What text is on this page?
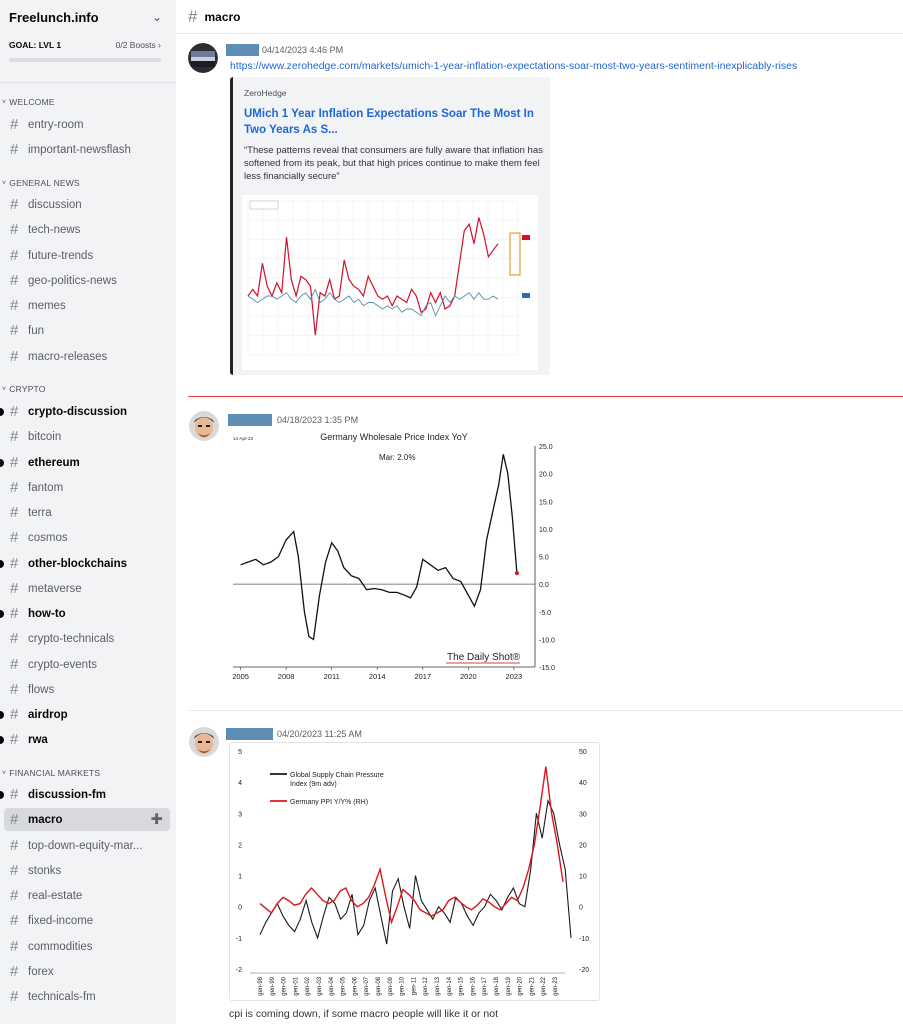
Freelunch.info	⌄
GOAL: LVL 1	0/2 Boosts ›
˅ WELCOME
# entry-room
# important-newsflash
˅ GENERAL NEWS
# discussion
# tech-news
# future-trends
# geo-politics-news
# memes
# fun
# macro-releases
˅ CRYPTO
# crypto-discussion
# bitcoin
# ethereum
# fantom
# terra
# cosmos
# other-blockchains
# metaverse
# how-to
# crypto-technicals
# crypto-events
# flows
# airdrop
# rwa
˅ FINANCIAL MARKETS
# discussion-fm
# macro	➕
# top-down-equity-mar...
# stonks
# real-estate
# fixed-income
# commodities
# forex
# technicals-fm
# macro
04/14/2023 4:46 PM
https://www.zerohedge.com/markets/umich-1-year-inflation-expectations-soar-most-two-years-sentiment-inexplicably-rises
ZeroHedge
UMich 1 Year Inflation Expectations Soar The Most In Two Years As S...
“These patterns reveal that consumers are fully aware that inflation has softened from its peak, but that high prices continue to make them feel less financially secure”
04/18/2023 1:35 PM
25.0
20.0
15.0
10.0
5.0
0.0
-5.0
-10.0
-15.0
2005	2008	2011	2014	2017	2020	2023
Germany Wholesale Price Index YoY
14-Apr-23
Mar: 2.0%
The Daily Shot®
04/20/2023 11:25 AM
5
4
3
2
1
0
-1
-2
50
40
30
20
10
0
-10
-20
gen-98 gen-99 gen-00 gen-01 gen-02 gen-03 gen-04 gen-05 gen-06 gen-07 gen-08 gen-09 gen-10 gen-11 gen-12 gen-13 gen-14 gen-15 gen-16 gen-17 gen-18 gen-19 gen-20 gen-21 gen-22 gen-23
Global Supply Chain Pressure
Index (9m adv)
Germany PPI Y/Y% (RH)
cpi is coming down, if some macro people will like it or not
